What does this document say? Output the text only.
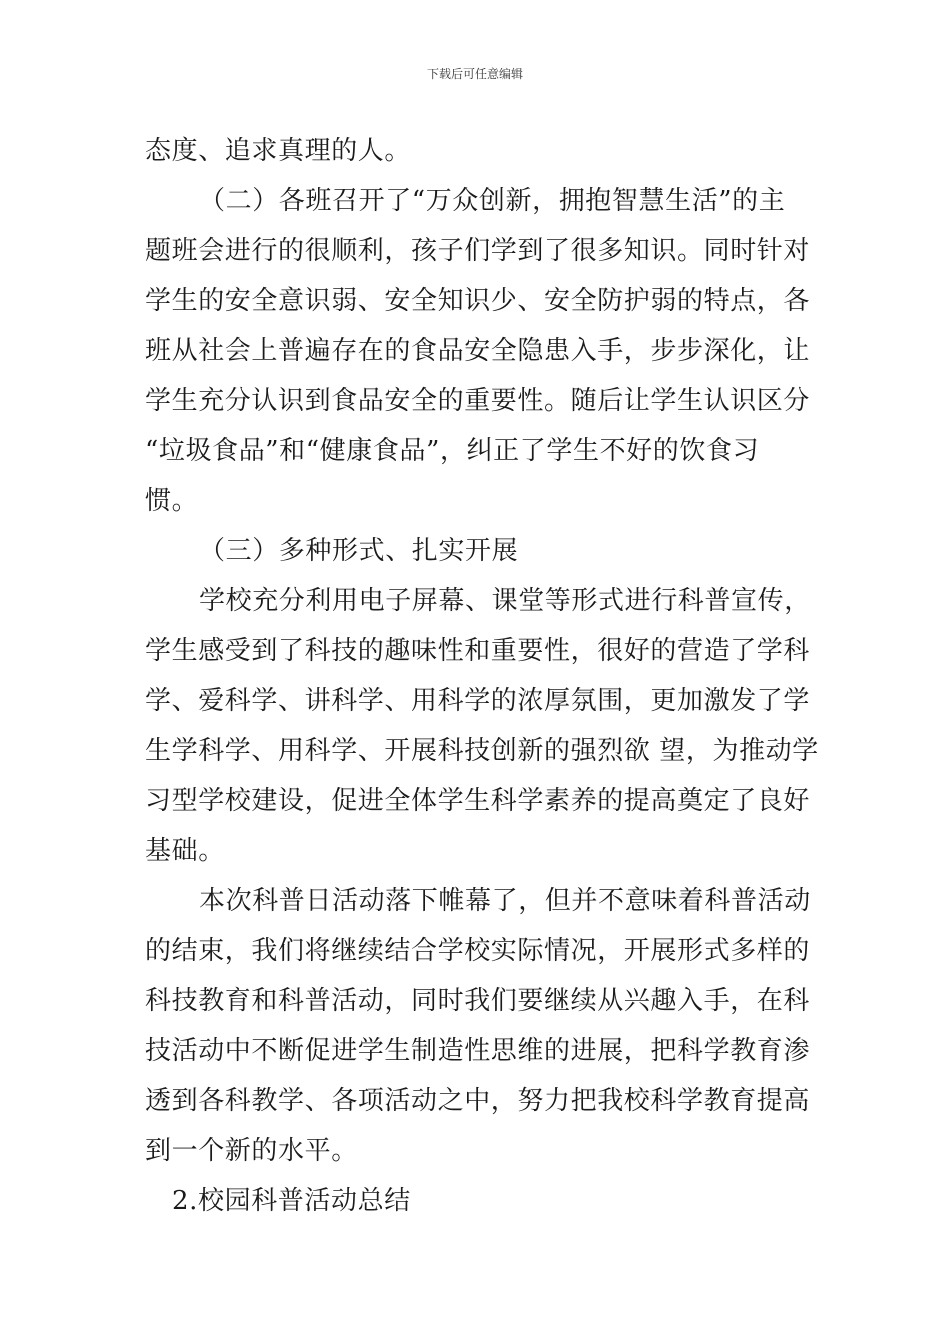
下载后可任意编辑

态度、追求真理的人。

（二）各班召开了“万众创新，拥抱智慧生活”的主
题班会进行的很顺利，孩子们学到了很多知识。同时针对
学生的安全意识弱、安全知识少、安全防护弱的特点，各
班从社会上普遍存在的食品安全隐患入手，步步深化，让
学生充分认识到食品安全的重要性。随后让学生认识区分
“垃圾食品”和“健康食品”，纠正了学生不好的饮食习
惯。

（三）多种形式、扎实开展

学校充分利用电子屏幕、课堂等形式进行科普宣传，
学生感受到了科技的趣味性和重要性，很好的营造了学科
学、爱科学、讲科学、用科学的浓厚氛围，更加激发了学
生学科学、用科学、开展科技创新的强烈欲 望，为推动学
习型学校建设，促进全体学生科学素养的提高奠定了良好
基础。

本次科普日活动落下帷幕了，但并不意味着科普活动
的结束，我们将继续结合学校实际情况，开展形式多样的
科技教育和科普活动，同时我们要继续从兴趣入手，在科
技活动中不断促进学生制造性思维的进展，把科学教育渗
透到各科教学、各项活动之中，努力把我校科学教育提高
到一个新的水平。

2.校园科普活动总结
